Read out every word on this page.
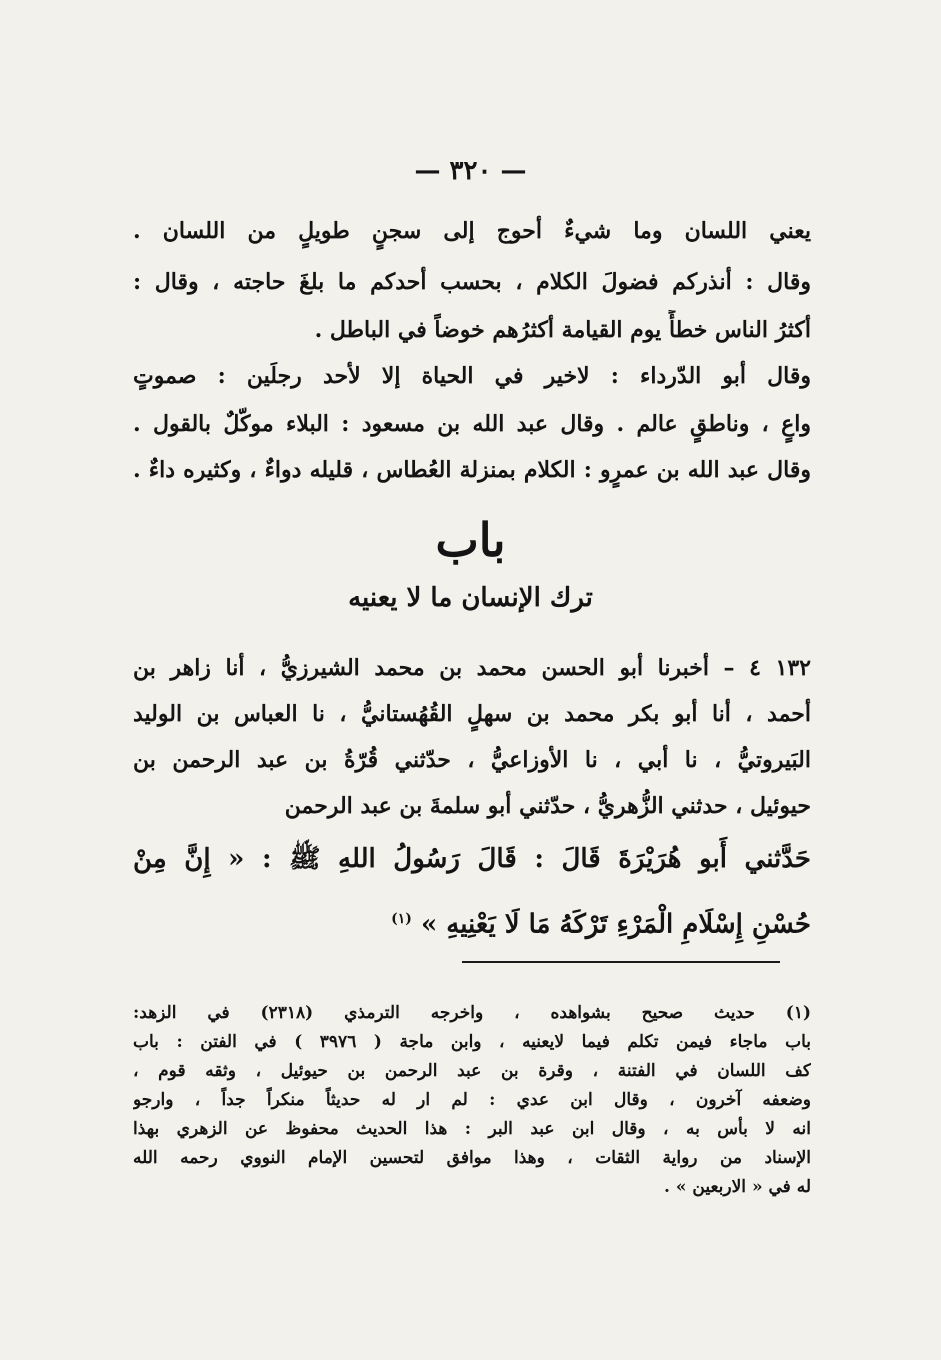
— ٣٢٠ —
يعني اللسان وما شيءٌ أحوج إلى سجنٍ طويلٍ من اللسان .
وقال : أنذركم فضولَ الكلام ، بحسب أحدكم ما بلغَ حاجته ، وقال :
أكثرُ الناس خطأً يوم القيامة أكثرُهم خوضاً في الباطل .
وقال أبو الدّرداء : لاخير في الحياة إلا لأحد رجلَين : صموتٍ
واعٍ ، وناطقٍ عالم . وقال عبد الله بن مسعود : البلاء موكّلٌ بالقول .
وقال عبد الله بن عمرٍو : الكلام بمنزلة العُطاس ، قليله دواءٌ ، وكثيره داءٌ .
باب
ترك الإنسان ما لا يعنيه
١٣٢ ٤ – أخبرنا أبو الحسن محمد بن محمد الشيرزيُّ ، أنا زاهر بن
أحمد ، أنا أبو بكر محمد بن سهلٍ القُهُستانيُّ ، نا العباس بن الوليد
البَيروتيُّ ، نا أبي ، نا الأوزاعيُّ ، حدّثني قُرّةُ بن عبد الرحمن بن
حيوئيل ، حدثني الزُّهريُّ ، حدّثني أبو سلمةَ بن عبد الرحمن
حَدَّثني أَبو هُرَيْرَةَ قَالَ : قَالَ رَسُولُ اللهِ ﷺ : « إِنَّ مِنْ
حُسْنِ إِسْلَامِ الْمَرْءِ تَرْكَهُ مَا لَا يَعْنِيهِ » $^{(١)}$
(١) حديث صحيح بشواهده ، واخرجه الترمذي (٢٣١٨) في الزهد:
باب ماجاء فيمن تكلم فيما لايعنيه ، وابن ماجة ( ٣٩٧٦ ) في الفتن : باب
كف اللسان في الفتنة ، وقرة بن عبد الرحمن بن حيوئيل ، وثقه قوم ،
وضعفه آخرون ، وقال ابن عدي : لم ار له حديثاً منكراً جداً ، وارجو
انه لا بأس به ، وقال ابن عبد البر : هذا الحديث محفوظ عن الزهري بهذا
الإسناد من رواية الثقات ، وهذا موافق لتحسين الإمام النووي رحمه الله
له في « الاربعين » .
